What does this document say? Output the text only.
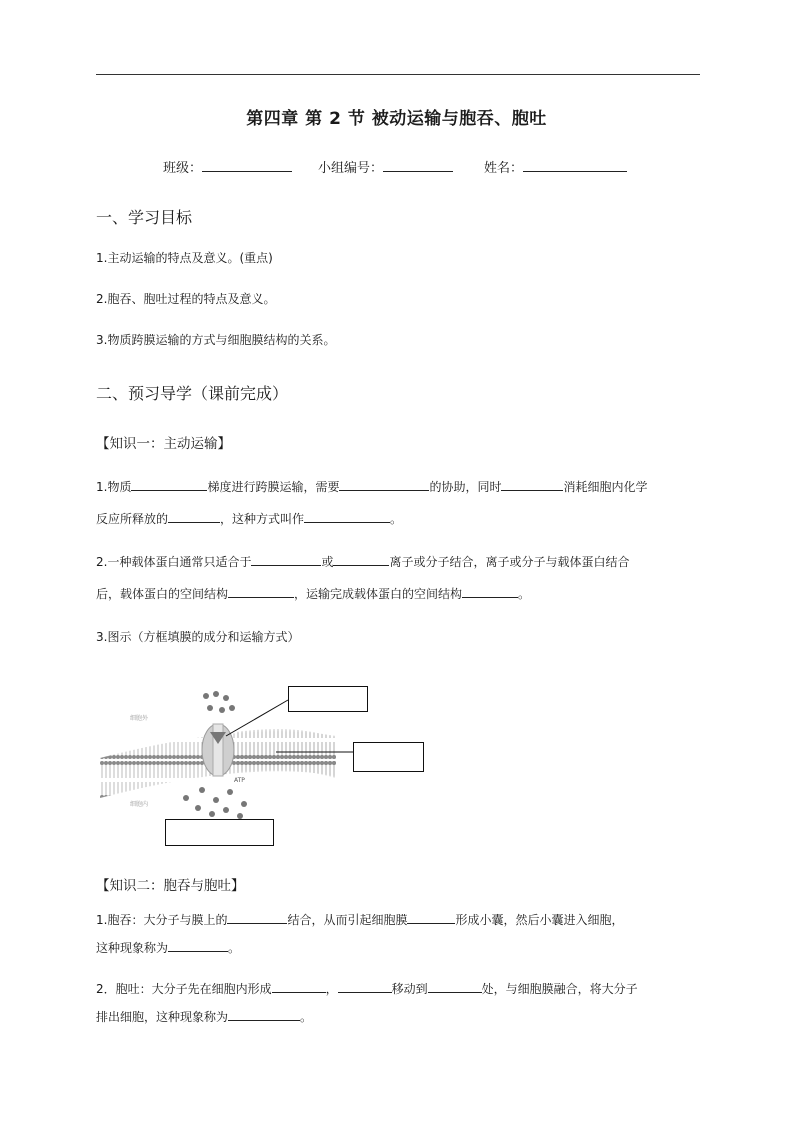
第四章 第 2 节 被动运输与胞吞、胞吐
班级：	小组编号：	姓名：
一、学习目标
1.主动运输的特点及意义。(重点)
2.胞吞、胞吐过程的特点及意义。
3.物质跨膜运输的方式与细胞膜结构的关系。
二、预习导学（课前完成）
【知识一：主动运输】
1.物质	梯度进行跨膜运输，需要	的协助，同时	消耗细胞内化学
反应所释放的	，这种方式叫作	。
2.一种载体蛋白通常只适合于	或	离子或分子结合，离子或分子与载体蛋白结合
后，载体蛋白的空间结构	，运输完成载体蛋白的空间结构	。
3.图示（方框填膜的成分和运输方式）
细胞外
细胞内
ATP
【知识二：胞吞与胞吐】
1.胞吞：大分子与膜上的	结合，从而引起细胞膜	形成小囊，然后小囊进入细胞，
这种现象称为	。
2．胞吐：大分子先在细胞内形成	，	移动到	处，与细胞膜融合，将大分子
排出细胞，这种现象称为	。
